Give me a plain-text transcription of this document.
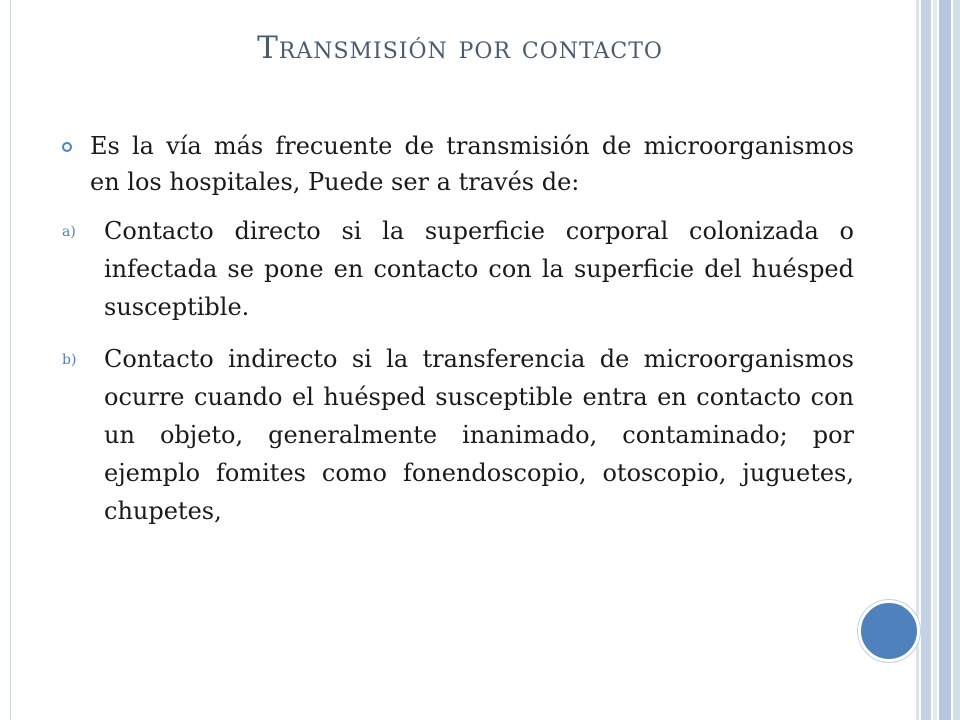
Transmisión por contacto
Es la vía más frecuente de transmisión de microorganismos en los hospitales, Puede ser a través de:
a) Contacto directo si la superficie corporal colonizada o infectada se pone en contacto con la superficie del huésped susceptible.
b) Contacto indirecto si la transferencia de microorganismos ocurre cuando el huésped susceptible entra en contacto con un objeto, generalmente inanimado, contaminado; por ejemplo fomites como fonendoscopio, otoscopio, juguetes, chupetes,
